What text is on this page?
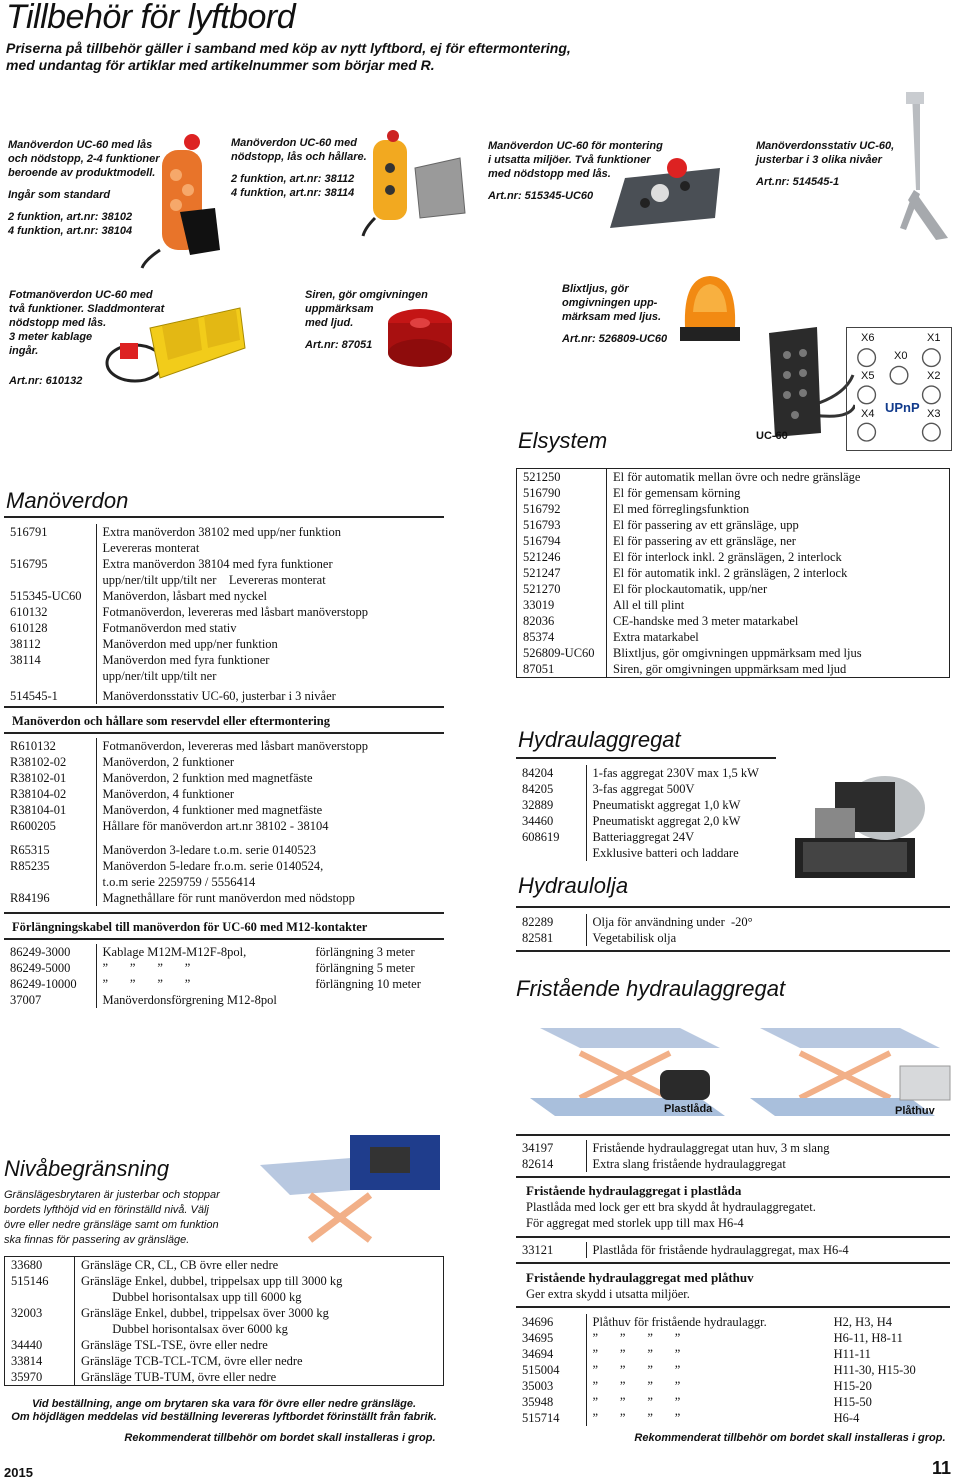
Tillbehör för lyftbord
Priserna på tillbehör gäller i samband med köp av nytt lyftbord, ej för eftermontering,
med undantag för artiklar med artikelnummer som börjar med R.
Manöverdon UC-60 med lås
och nödstopp, 2-4 funktioner
beroende av produktmodell.
Ingår som standard
2 funktion, art.nr: 38102
4 funktion, art.nr: 38104
Manöverdon UC-60 med
nödstopp, lås och hållare.
2 funktion, art.nr: 38112
4 funktion, art.nr: 38114
Manöverdon UC-60 för montering
i utsatta miljöer. Två funktioner
med nödstopp med lås.
Art.nr: 515345-UC60
Manöverdonsstativ UC-60,
justerbar i 3 olika nivåer
Art.nr: 514545-1
Fotmanöverdon UC-60 med
två funktioner. Sladdmonterat
nödstopp med lås.
3 meter kablage
ingår.
Art.nr: 610132
Siren, gör omgivningen
uppmärksam
med ljud.
Art.nr: 87051
Blixtljus, gör
omgivningen upp-
märksam med ljus.
Art.nr: 526809-UC60
UC-60
X6	X1
X0
X5	X2
X4 UPnP X3
Elsystem
521250	El för automatik mellan övre och nedre gränsläge
516790	El för gemensam körning
516792	El med förreglingsfunktion
516793	El för passering av ett gränsläge, upp
516794	El för passering av ett gränsläge, ner
521246	El för interlock inkl. 2 gränslägen, 2 interlock
521247	El för automatik inkl. 2 gränslägen, 2 interlock
521270	El för plockautomatik, upp/ner
33019	All el till plint
82036	CE-handske med 3 meter matarkabel
85374	Extra matarkabel
526809-UC60	Blixtljus, gör omgivningen uppmärksam med ljus
87051	Siren, gör omgivningen uppmärksam med ljud
Manöverdon
516791	Extra manöverdon 38102 med upp/ner funktion
	Levereras monterat
516795	Extra manöverdon 38104 med fyra funktioner
	upp/ner/tilt upp/tilt ner    Levereras monterat
515345-UC60	Manöverdon, låsbart med nyckel
610132	Fotmanöverdon, levereras med låsbart manöverstopp
610128	Fotmanöverdon med stativ
38112	Manöverdon med upp/ner funktion
38114	Manöverdon med fyra funktioner
	upp/ner/tilt upp/tilt ner
514545-1	Manöverdonsstativ UC-60, justerbar i 3 nivåer
Manöverdon och hållare som reservdel eller eftermontering
R610132	Fotmanöverdon, levereras med låsbart manöverstopp
R38102-02	Manöverdon, 2 funktioner
R38102-01	Manöverdon, 2 funktion med magnetfäste
R38104-02	Manöverdon, 4 funktioner
R38104-01	Manöverdon, 4 funktioner med magnetfäste
R600205	Hållare för manöverdon art.nr 38102 - 38104
R65315	Manöverdon 3-ledare t.o.m. serie 0140523
R85235	Manöverdon 5-ledare fr.o.m. serie 0140524,
	t.o.m serie 2259759 / 5556414
R84196	Magnethållare för runt manöverdon med nödstopp
Förlängningskabel till manöverdon för UC-60 med M12-kontakter
86249-3000	Kablage M12M-M12F-8pol,	förlängning 3 meter
86249-5000	”       ”       ”       ”	förlängning 5 meter
86249-10000	”       ”       ”       ”	förlängning 10 meter
37007	Manöverdonsförgrening M12-8pol	
Hydraulaggregat
84204	1-fas aggregat 230V max 1,5 kW
84205	3-fas aggregat 500V
32889	Pneumatiskt aggregat 1,0 kW
34460	Pneumatiskt aggregat 2,0 kW
608619	Batteriaggregat 24V
	Exklusive batteri och laddare
Hydraulolja
82289	Olja för användning under  -20°
82581	Vegetabilisk olja
Fristående hydraulaggregat
Plastlåda	Plåthuv
34197	Fristående hydraulaggregat utan huv, 3 m slang
82614	Extra slang fristående hydraulaggregat
Fristående hydraulaggregat i plastlåda
Plastlåda med lock ger ett bra skydd åt hydraulaggregatet.
För aggregat med storlek upp till max H6-4
33121	Plastlåda för fristående hydraulaggregat, max H6-4
Fristående hydraulaggregat med plåthuv
Ger extra skydd i utsatta miljöer.
34696	Plåthuv för fristående hydraulaggr.	H2, H3, H4
34695	”       ”       ”       ”	H6-11, H8-11
34694	”       ”       ”       ”	H11-11
515004	”       ”       ”       ”	H11-30, H15-30
35003	”       ”       ”       ”	H15-20
35948	”       ”       ”       ”	H15-50
515714	”       ”       ”       ”	H6-4
Rekommenderat tillbehör om bordet skall installeras i grop.
Nivåbegränsning
Gränslägesbrytaren är justerbar och stoppar
bordets lyfthöjd vid en förinställd nivå. Välj
övre eller nedre gränsläge samt om funktion
ska finnas för passering av gränsläge.
33680	Gränsläge CR, CL, CB övre eller nedre
515146	Gränsläge Enkel, dubbel, trippelsax upp till 3000 kg
	Dubbel horisontalsax upp till 6000 kg
32003	Gränsläge Enkel, dubbel, trippelsax över 3000 kg
	Dubbel horisontalsax över 6000 kg
34440	Gränsläge TSL-TSE, övre eller nedre
33814	Gränsläge TCB-TCL-TCM, övre eller nedre
35970	Gränsläge TUB-TUM, övre eller nedre
Vid beställning, ange om brytaren ska vara för övre eller nedre gränsläge.
Om höjdlägen meddelas vid beställning levereras lyftbordet förinställt från fabrik.
Rekommenderat tillbehör om bordet skall installeras i grop.
2015	11
